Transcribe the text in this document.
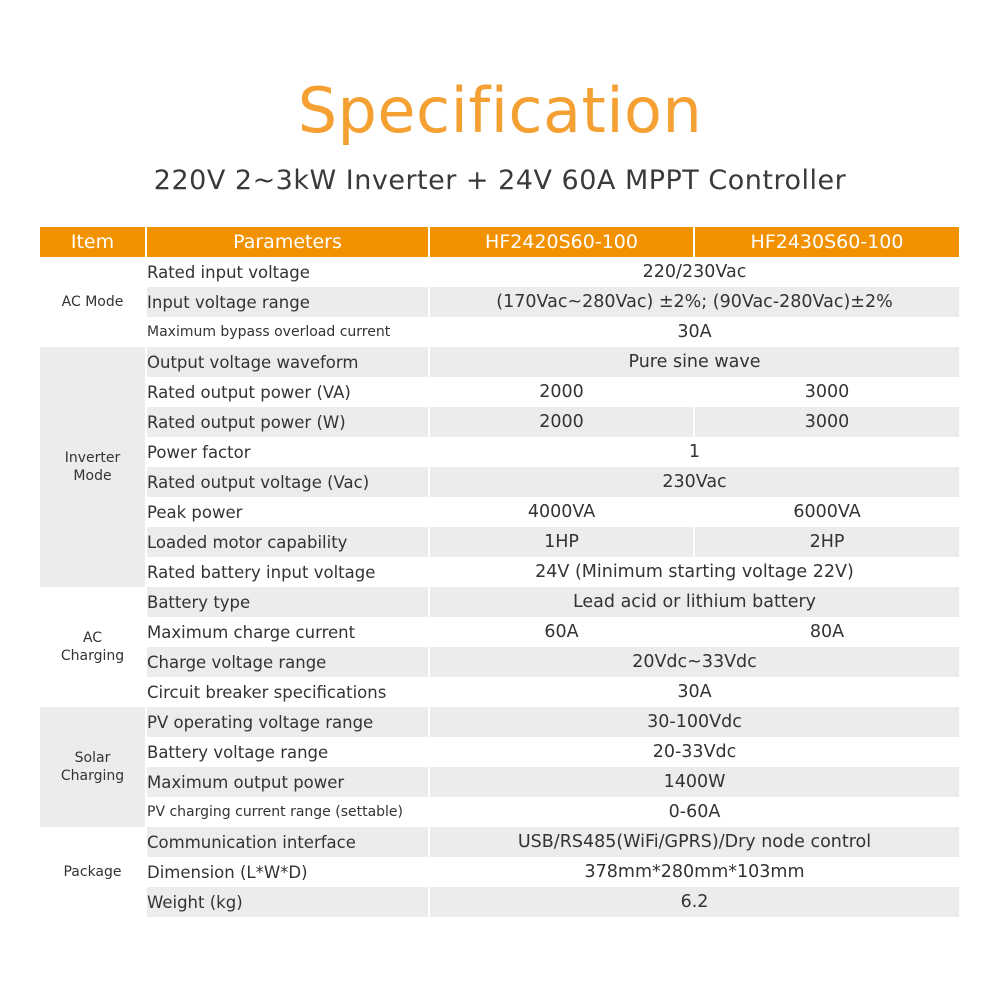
Specification
220V 2~3kW Inverter + 24V 60A MPPT Controller
Item	Parameters	HF2420S60-100	HF2430S60-100
AC Mode	Rated input voltage	220/230Vac	
	Input voltage range	(170Vac~280Vac) ±2%; (90Vac-280Vac)±2%	
	Maximum bypass overload current	30A	
Inverter
Mode	Output voltage waveform	Pure sine wave	
	Rated output power (VA)	2000	3000
	Rated output power (W)	2000	3000
	Power factor	1	
	Rated output voltage (Vac)	230Vac	
	Peak power	4000VA	6000VA
	Loaded motor capability	1HP	2HP
	Rated battery input voltage	24V (Minimum starting voltage 22V)	
AC
Charging	Battery type	Lead acid or lithium battery	
	Maximum charge current	60A	80A
	Charge voltage range	20Vdc~33Vdc	
	Circuit breaker specifications	30A	
Solar
Charging	PV operating voltage range	30-100Vdc	
	Battery voltage range	20-33Vdc	
	Maximum output power	1400W	
	PV charging current range (settable)	0-60A	
Package	Communication interface	USB/RS485(WiFi/GPRS)/Dry node control	
	Dimension (L*W*D)	378mm*280mm*103mm	
	Weight (kg)	6.2	
